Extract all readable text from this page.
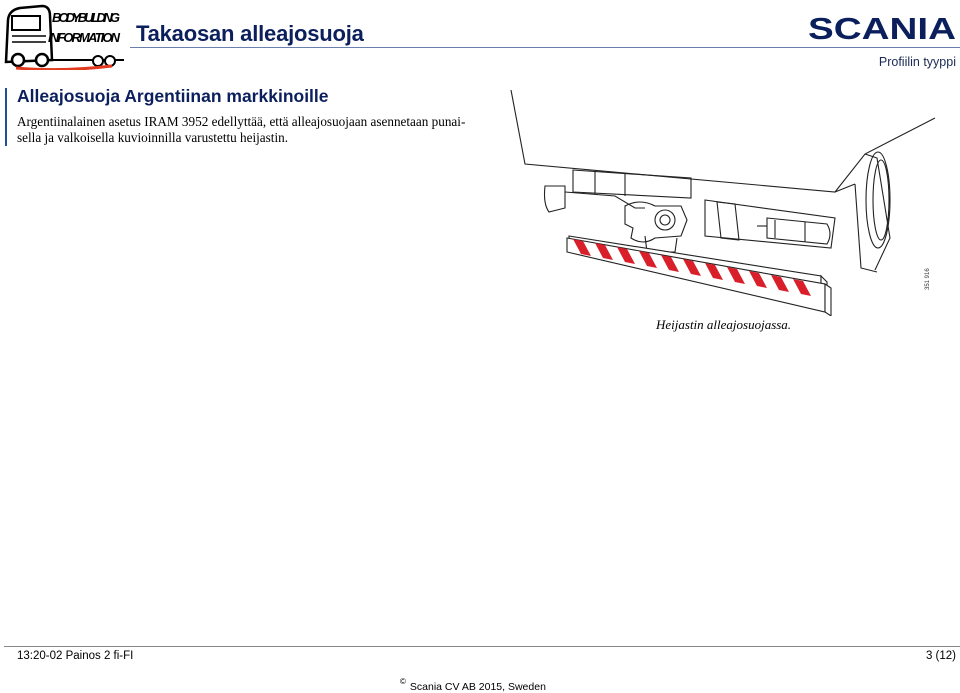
BODYBUILDING
INFORMATION Takaosan alleajosuoja	SCANIA
Profiilin tyyppi
Alleajosuoja Argentiinan markkinoille

Argentiinalainen asetus IRAM 3952 edellyttää, että alleajosuojaan asennetaan punai-
sella ja valkoisella kuvioinnilla varustettu heijastin.

Heijastin alleajosuojassa.

351 916
13:20-02 Painos 2 fi-FI	3 (12)
© Scania CV AB 2015, Sweden
